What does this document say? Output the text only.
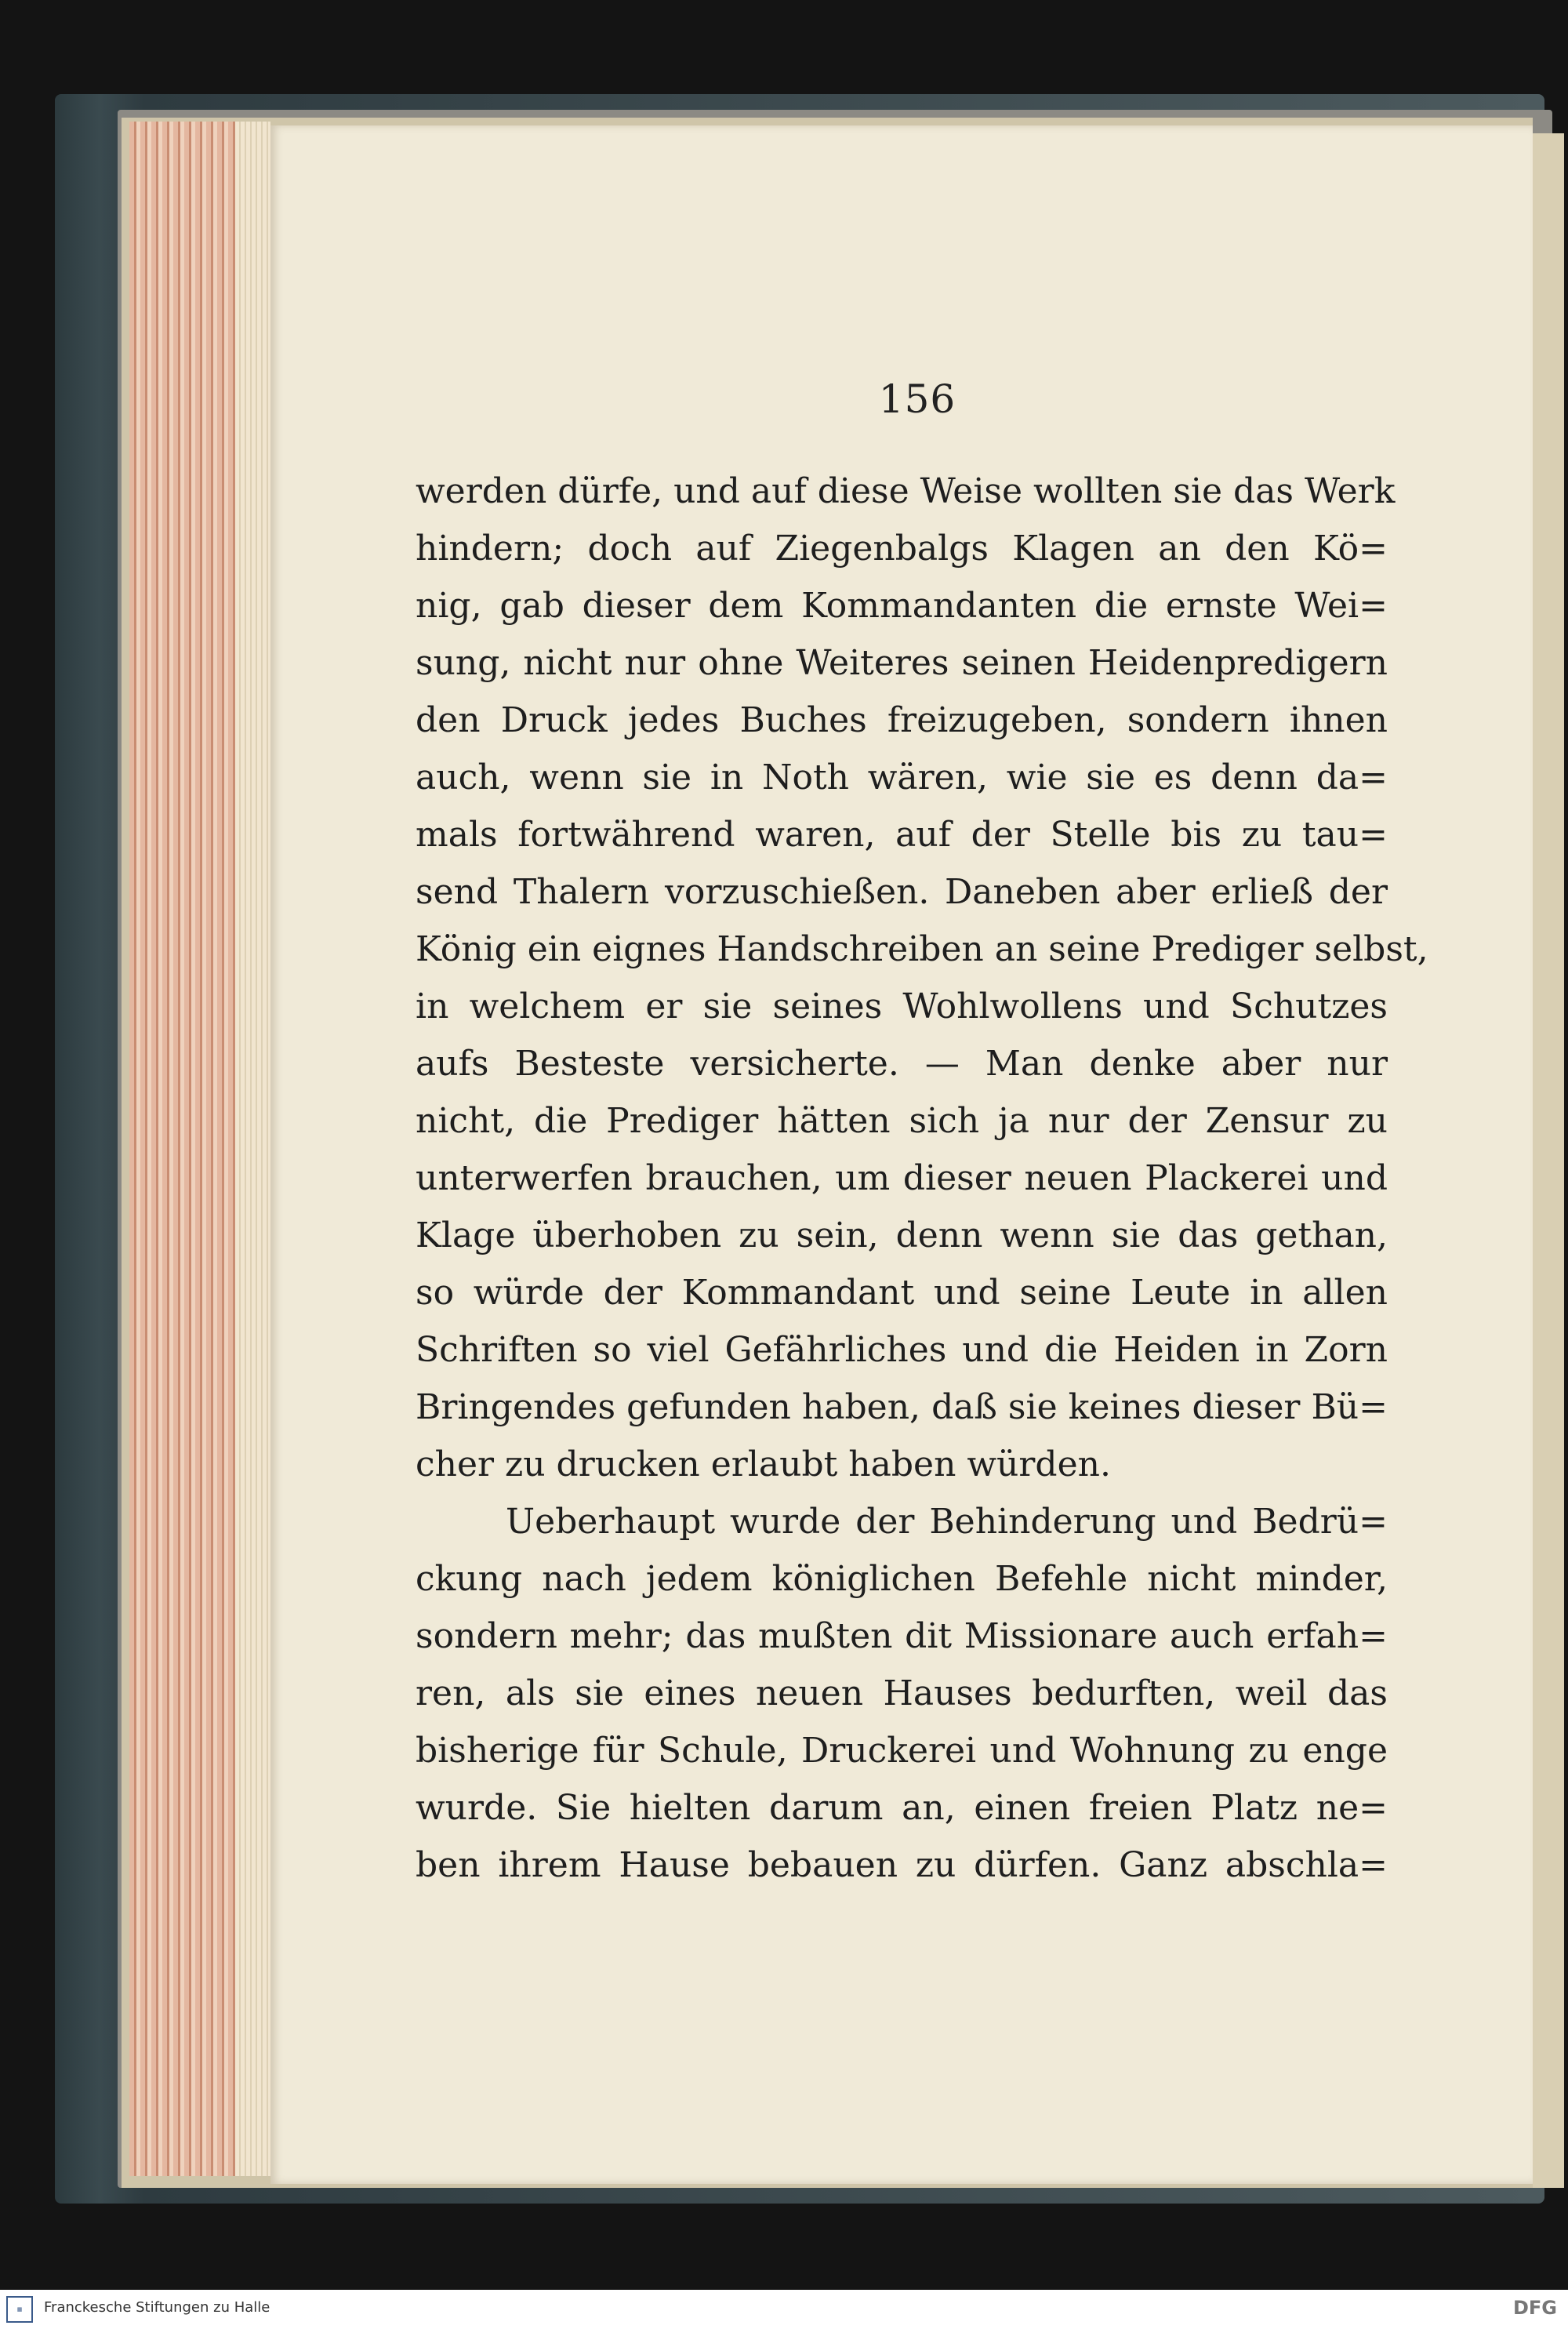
156
werden dürfe, und auf diese Weise wollten sie das Werk
hindern; doch auf Ziegenbalgs Klagen an den Kö=
nig, gab dieser dem Kommandanten die ernste Wei=
sung, nicht nur ohne Weiteres seinen Heidenpredigern
den Druck jedes Buches freizugeben, sondern ihnen
auch, wenn sie in Noth wären, wie sie es denn da=
mals fortwährend waren, auf der Stelle bis zu tau=
send Thalern vorzuschießen. Daneben aber erließ der
König ein eignes Handschreiben an seine Prediger selbst,
in welchem er sie seines Wohlwollens und Schutzes
aufs Besteste versicherte. — Man denke aber nur
nicht, die Prediger hätten sich ja nur der Zensur zu
unterwerfen brauchen, um dieser neuen Plackerei und
Klage überhoben zu sein, denn wenn sie das gethan,
so würde der Kommandant und seine Leute in allen
Schriften so viel Gefährliches und die Heiden in Zorn
Bringendes gefunden haben, daß sie keines dieser Bü=
cher zu drucken erlaubt haben würden.
Ueberhaupt wurde der Behinderung und Bedrü=
ckung nach jedem königlichen Befehle nicht minder,
sondern mehr; das mußten dit Missionare auch erfah=
ren, als sie eines neuen Hauses bedurften, weil das
bisherige für Schule, Druckerei und Wohnung zu enge
wurde. Sie hielten darum an, einen freien Platz ne=
ben ihrem Hause bebauen zu dürfen. Ganz abschla=
▦	Franckesche Stiftungen zu Halle	DFG
